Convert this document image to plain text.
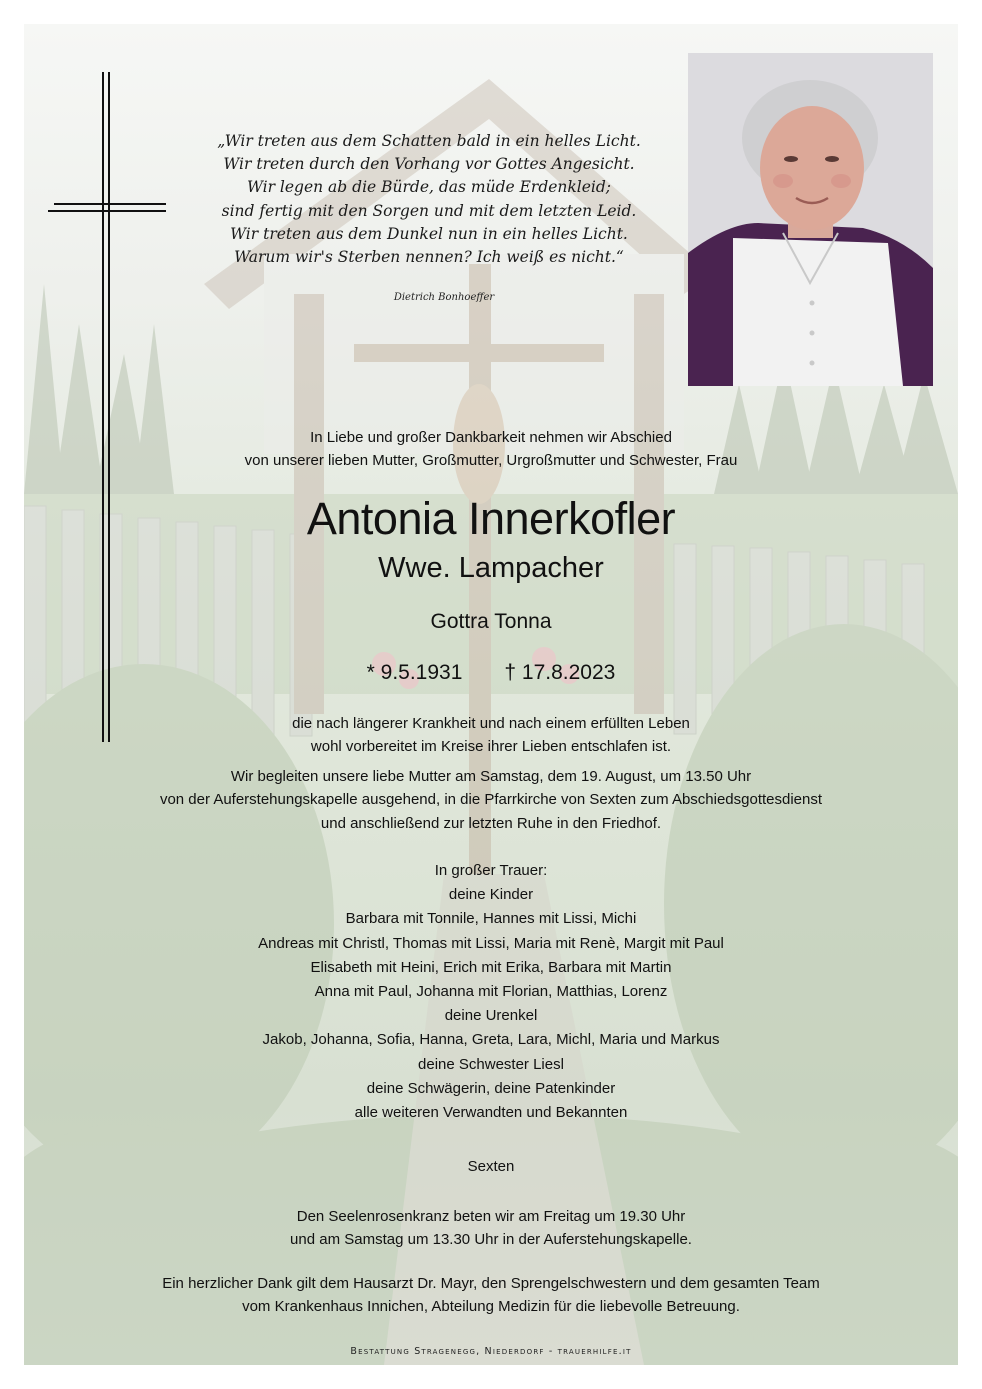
„Wir treten aus dem Schatten bald in ein helles Licht.
Wir treten durch den Vorhang vor Gottes Angesicht.
Wir legen ab die Bürde, das müde Erdenkleid;
sind fertig mit den Sorgen und mit dem letzten Leid.
Wir treten aus dem Dunkel nun in ein helles Licht.
Warum wir's Sterben nennen? Ich weiß es nicht.“
Dietrich Bonhoeffer
In Liebe und großer Dankbarkeit nehmen wir Abschied
von unserer lieben Mutter, Großmutter, Urgroßmutter und Schwester, Frau
Antonia Innerkofler
Wwe. Lampacher
Gottra Tonna
* 9.5.1931 † 17.8.2023
die nach längerer Krankheit und nach einem erfüllten Leben
wohl vorbereitet im Kreise ihrer Lieben entschlafen ist.
Wir begleiten unsere liebe Mutter am Samstag, dem 19. August, um 13.50 Uhr
von der Auferstehungskapelle ausgehend, in die Pfarrkirche von Sexten zum Abschiedsgottesdienst
und anschließend zur letzten Ruhe in den Friedhof.
In großer Trauer:
deine Kinder
Barbara mit Tonnile, Hannes mit Lissi, Michi
Andreas mit Christl, Thomas mit Lissi, Maria mit Renè, Margit mit Paul
Elisabeth mit Heini, Erich mit Erika, Barbara mit Martin
Anna mit Paul, Johanna mit Florian, Matthias, Lorenz
deine Urenkel
Jakob, Johanna, Sofia, Hanna, Greta, Lara, Michl, Maria und Markus
deine Schwester Liesl
deine Schwägerin, deine Patenkinder
alle weiteren Verwandten und Bekannten
Sexten
Den Seelenrosenkranz beten wir am Freitag um 19.30 Uhr
und am Samstag um 13.30 Uhr in der Auferstehungskapelle.
Ein herzlicher Dank gilt dem Hausarzt Dr. Mayr, den Sprengelschwestern und dem gesamten Team
vom Krankenhaus Innichen, Abteilung Medizin für die liebevolle Betreuung.
Bestattung Stragenegg, Niederdorf - trauerhilfe.it
